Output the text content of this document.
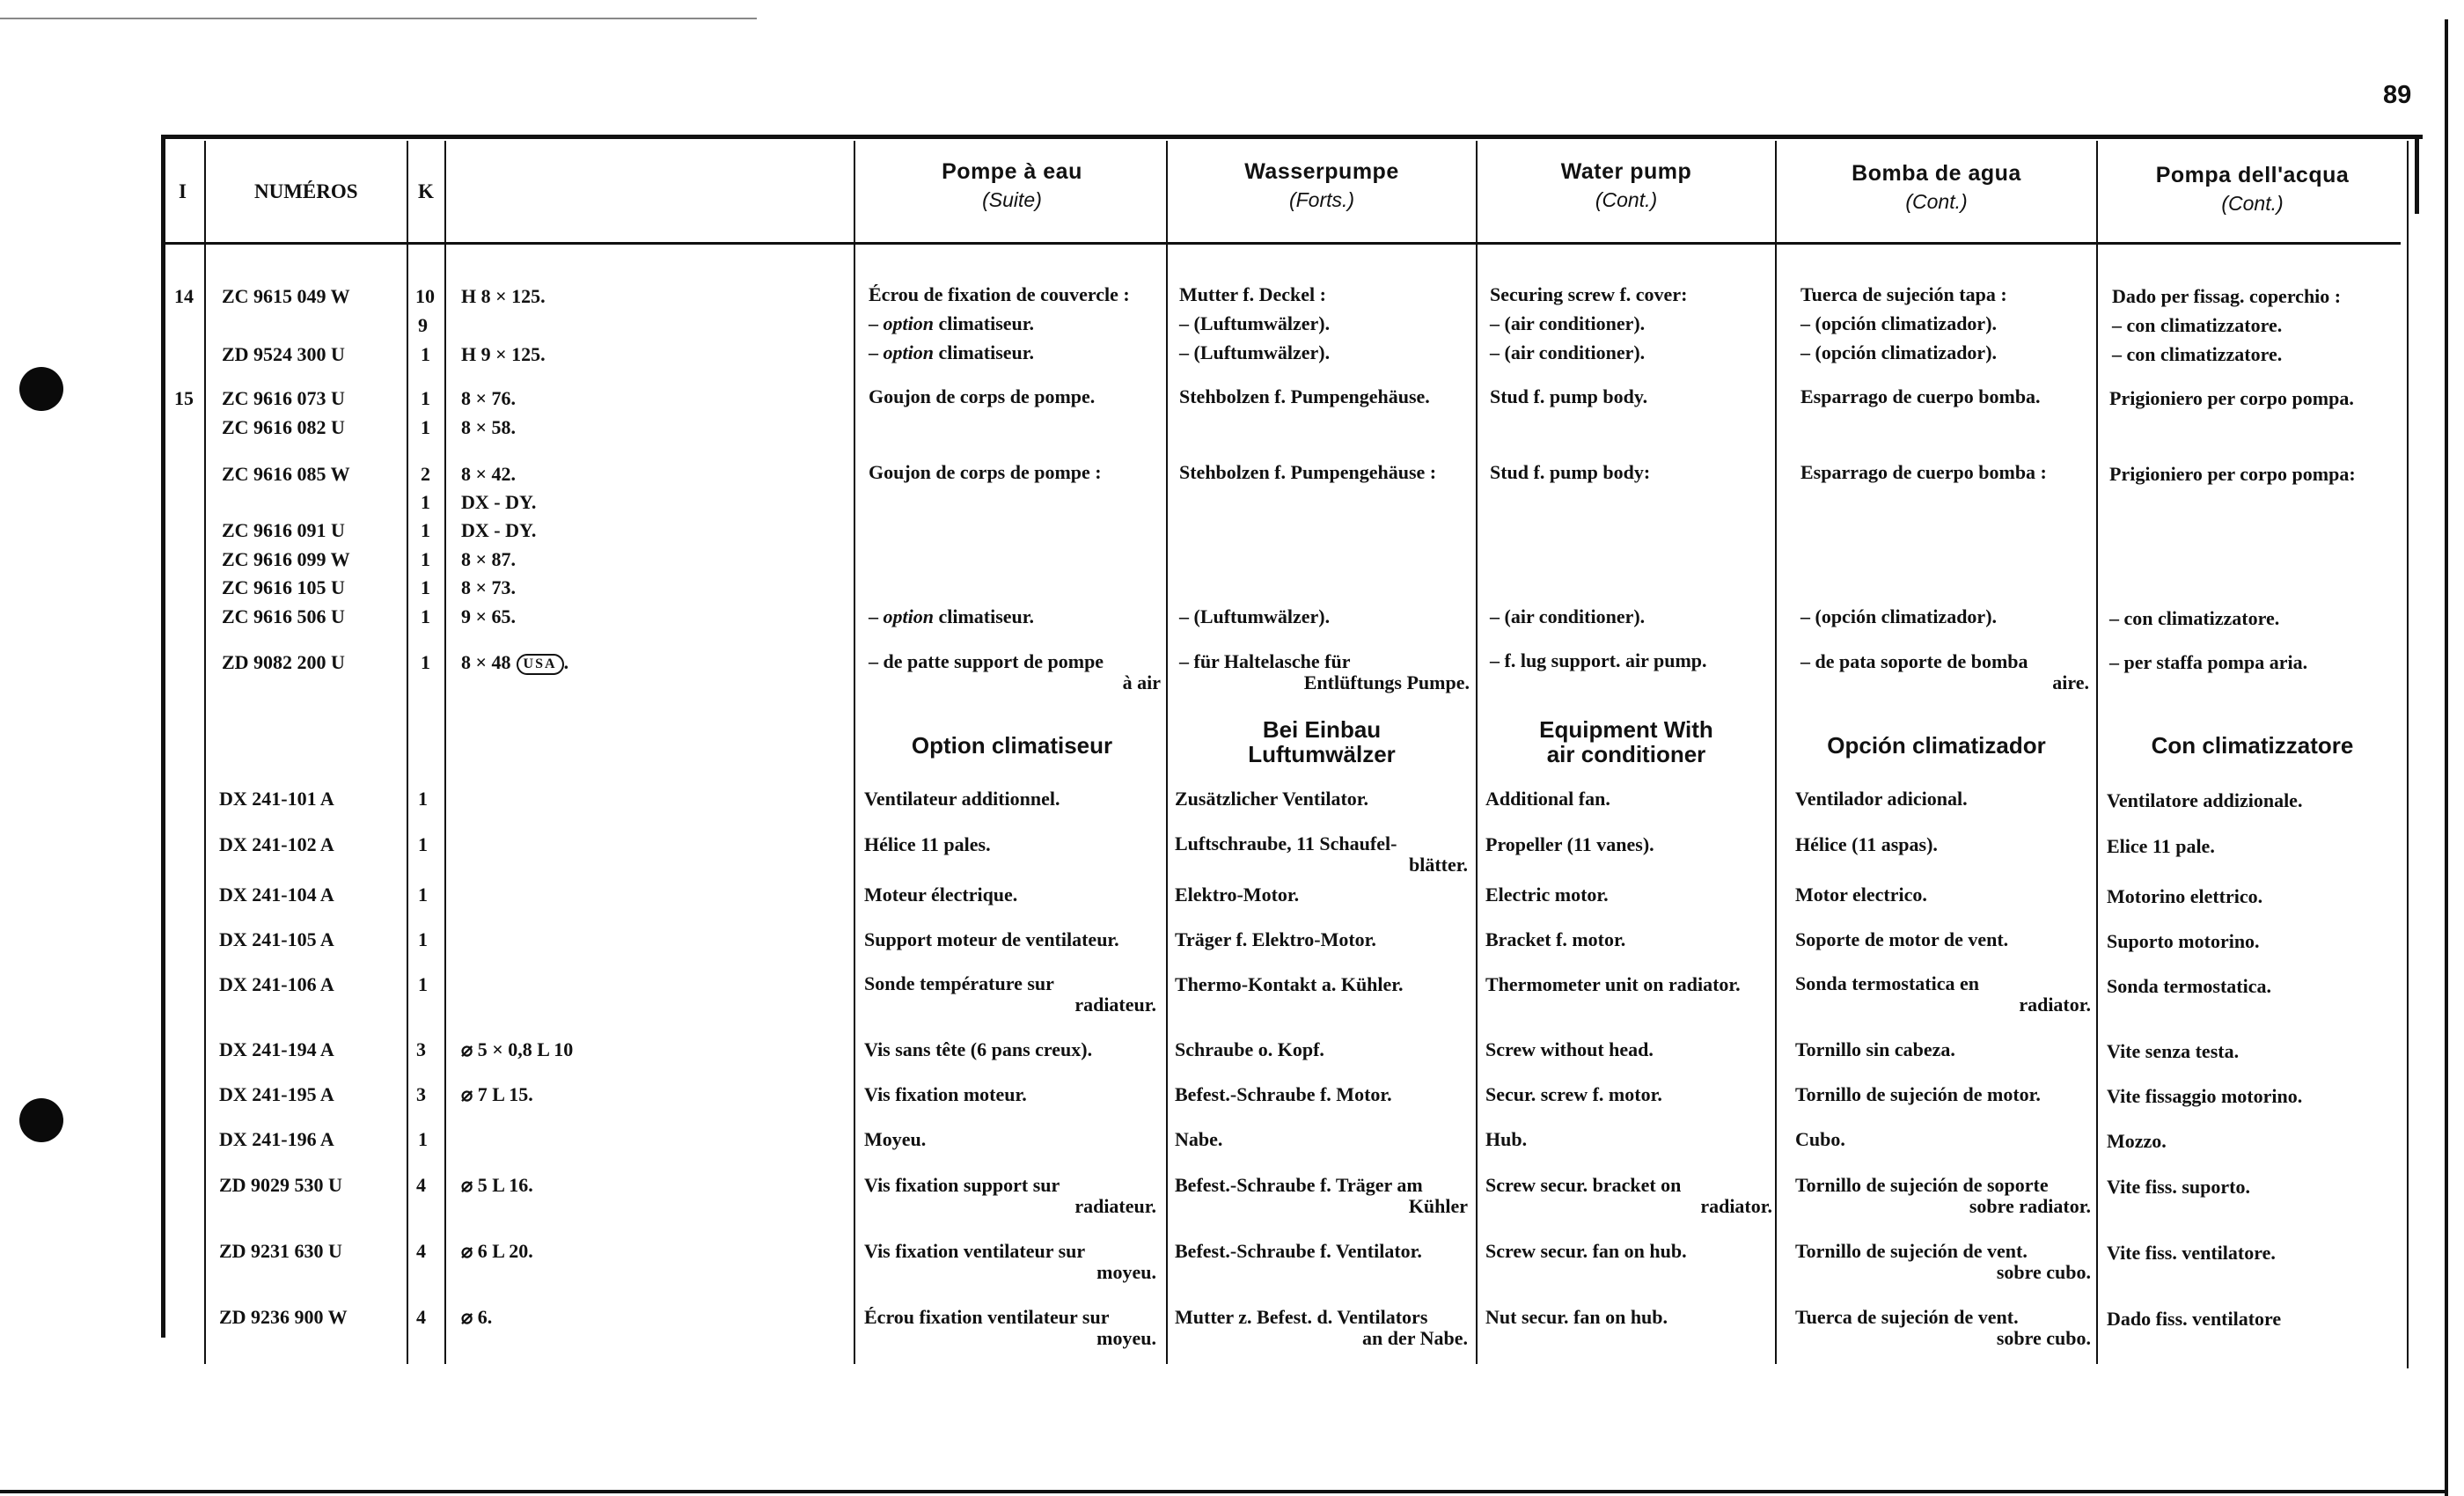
89
I	NUMÉROS	K
Pompe à eau
(Suite)
Wasserpumpe
(Forts.)
Water pump
(Cont.)
Bomba de agua
(Cont.)
Pompa dell'acqua
(Cont.)
14
15
ZC 9615 049 W
ZD 9524 300 U
ZC 9616 073 U
ZC 9616 082 U
ZC 9616 085 W
ZC 9616 091 U
ZC 9616 099 W
ZC 9616 105 U
ZC 9616 506 U
ZD 9082 200 U
DX 241-101 A
DX 241-102 A
DX 241-104 A
DX 241-105 A
DX 241-106 A
DX 241-194 A
DX 241-195 A
DX 241-196 A
ZD 9029 530 U
ZD 9231 630 U
ZD 9236 900 W
10
9
1
1
1
2
1
1
1
1
1
1
1
1
1
1
1
3
3
1
4
4
4
H 8 × 125.
H 9 × 125.
8 × 76.
8 × 58.
8 × 42.
DX - DY.
DX - DY.
8 × 87.
8 × 73.
9 × 65.
8 × 48 USA .
⌀ 5 × 0,8 L 10
⌀ 7 L 15.
⌀ 5 L 16.
⌀ 6 L 20.
⌀ 6.
Écrou de fixation de couvercle :
– option climatiseur.
– option climatiseur.
Goujon de corps de pompe.
Goujon de corps de pompe :
– option climatiseur.
– de patte support de pompe
à air
Option climatiseur
Ventilateur additionnel.
Hélice 11 pales.
Moteur électrique.
Support moteur de ventilateur.
Sonde température sur
radiateur.
Vis sans tête (6 pans creux).
Vis fixation moteur.
Moyeu.
Vis fixation support sur
radiateur.
Vis fixation ventilateur sur
moyeu.
Écrou fixation ventilateur sur
moyeu.
Mutter f. Deckel :
– (Luftumwälzer).
– (Luftumwälzer).
Stehbolzen f. Pumpengehäuse.
Stehbolzen f. Pumpengehäuse :
– (Luftumwälzer).
– für Haltelasche für
Entlüftungs Pumpe.
Bei Einbau
Luftumwälzer
Zusätzlicher Ventilator.
Luftschraube, 11 Schaufel-
blätter.
Elektro-Motor.
Träger f. Elektro-Motor.
Thermo-Kontakt a. Kühler.
Schraube o. Kopf.
Befest.-Schraube f. Motor.
Nabe.
Befest.-Schraube f. Träger am
Kühler
Befest.-Schraube f. Ventilator.
Mutter z. Befest. d. Ventilators
an der Nabe.
Securing screw f. cover:
– (air conditioner).
– (air conditioner).
Stud f. pump body.
Stud f. pump body:
– (air conditioner).
– f. lug support. air pump.
Equipment With
air conditioner
Additional fan.
Propeller (11 vanes).
Electric motor.
Bracket f. motor.
Thermometer unit on radiator.
Screw without head.
Secur. screw f. motor.
Hub.
Screw secur. bracket on
radiator.
Screw secur. fan on hub.
Nut secur. fan on hub.
Tuerca de sujeción tapa :
– (opción climatizador).
– (opción climatizador).
Esparrago de cuerpo bomba.
Esparrago de cuerpo bomba :
– (opción climatizador).
– de pata soporte de bomba
aire.
Opción climatizador
Ventilador adicional.
Hélice (11 aspas).
Motor electrico.
Soporte de motor de vent.
Sonda termostatica en
radiator.
Tornillo sin cabeza.
Tornillo de sujeción de motor.
Cubo.
Tornillo de sujeción de soporte
sobre radiator.
Tornillo de sujeción de vent.
sobre cubo.
Tuerca de sujeción de vent.
sobre cubo.
Dado per fissag. coperchio :
– con climatizzatore.
– con climatizzatore.
Prigioniero per corpo pompa.
Prigioniero per corpo pompa:
– con climatizzatore.
– per staffa pompa aria.
Con climatizzatore
Ventilatore addizionale.
Elice 11 pale.
Motorino elettrico.
Suporto motorino.
Sonda termostatica.
Vite senza testa.
Vite fissaggio motorino.
Mozzo.
Vite fiss. suporto.
Vite fiss. ventilatore.
Dado fiss. ventilatore
